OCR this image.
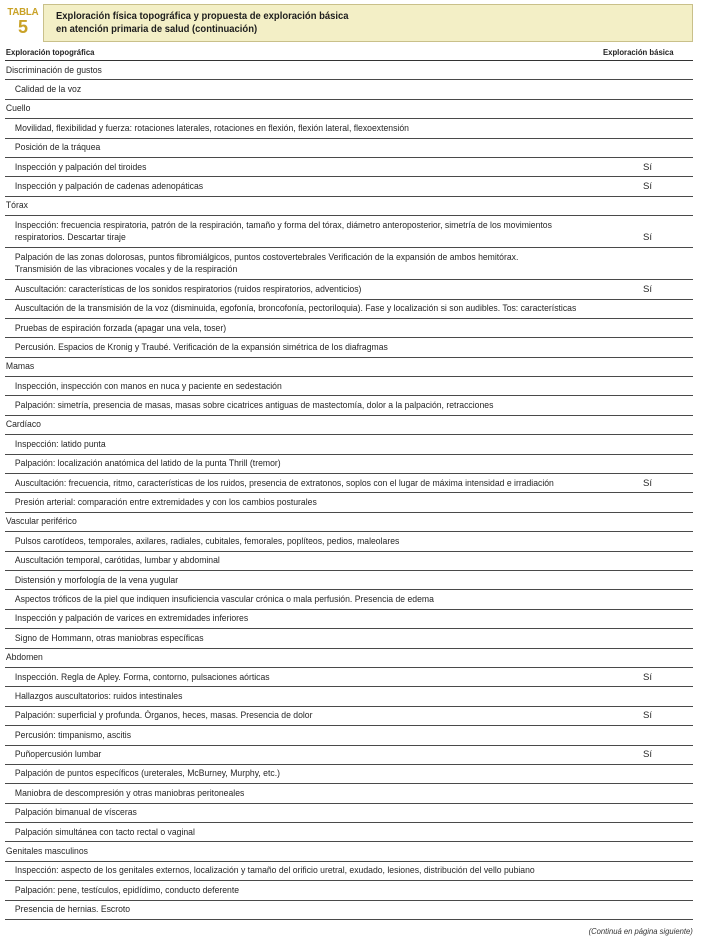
TABLA
5
Exploración física topográfica y propuesta de exploración básica
en atención primaria de salud (continuación)
Exploración topográfica	Exploración básica
Discriminación de gustos
Calidad de la voz
Cuello
Movilidad, flexibilidad y fuerza: rotaciones laterales, rotaciones en flexión, flexión lateral, flexoextensión
Posición de la tráquea
Inspección y palpación del tiroides	Sí
Inspección y palpación de cadenas adenopáticas	Sí
Tórax
Inspección: frecuencia respiratoria, patrón de la respiración, tamaño y forma del tórax, diámetro anteroposterior, simetría de los movimientos
respiratorios. Descartar tiraje	Sí
Palpación de las zonas dolorosas, puntos fibromiálgicos, puntos costovertebrales Verificación de la expansión de ambos hemitórax.
Transmisión de las vibraciones vocales y de la respiración
Auscultación: características de los sonidos respiratorios (ruidos respiratorios, adventicios)	Sí
Auscultación de la transmisión de la voz (disminuida, egofonía, broncofonía, pectoriloquia). Fase y localización si son audibles. Tos: características
Pruebas de espiración forzada (apagar una vela, toser)
Percusión. Espacios de Kronig y Traubé. Verificación de la expansión simétrica de los diafragmas
Mamas
Inspección, inspección con manos en nuca y paciente en sedestación
Palpación: simetría, presencia de masas, masas sobre cicatrices antiguas de mastectomía, dolor a la palpación, retracciones
Cardíaco
Inspección: latido punta
Palpación: localización anatómica del latido de la punta Thrill (tremor)
Auscultación: frecuencia, ritmo, características de los ruidos, presencia de extratonos, soplos con el lugar de máxima intensidad e irradiación	Sí
Presión arterial: comparación entre extremidades y con los cambios posturales
Vascular periférico
Pulsos carotídeos, temporales, axilares, radiales, cubitales, femorales, poplíteos, pedios, maleolares
Auscultación temporal, carótidas, lumbar y abdominal
Distensión y morfología de la vena yugular
Aspectos tróficos de la piel que indiquen insuficiencia vascular crónica o mala perfusión. Presencia de edema
Inspección y palpación de varices en extremidades inferiores
Signo de Hommann, otras maniobras específicas
Abdomen
Inspección. Regla de Apley. Forma, contorno, pulsaciones aórticas	Sí
Hallazgos auscultatorios: ruidos intestinales
Palpación: superficial y profunda. Órganos, heces, masas. Presencia de dolor	Sí
Percusión: timpanismo, ascitis
Puñopercusión lumbar	Sí
Palpación de puntos específicos (ureterales, McBurney, Murphy, etc.)
Maniobra de descompresión y otras maniobras peritoneales
Palpación bimanual de vísceras
Palpación simultánea con tacto rectal o vaginal
Genitales masculinos
Inspección: aspecto de los genitales externos, localización y tamaño del orificio uretral, exudado, lesiones, distribución del vello pubiano
Palpación: pene, testículos, epidídimo, conducto deferente
Presencia de hernias. Escroto
(Continuá en página siguiente)
